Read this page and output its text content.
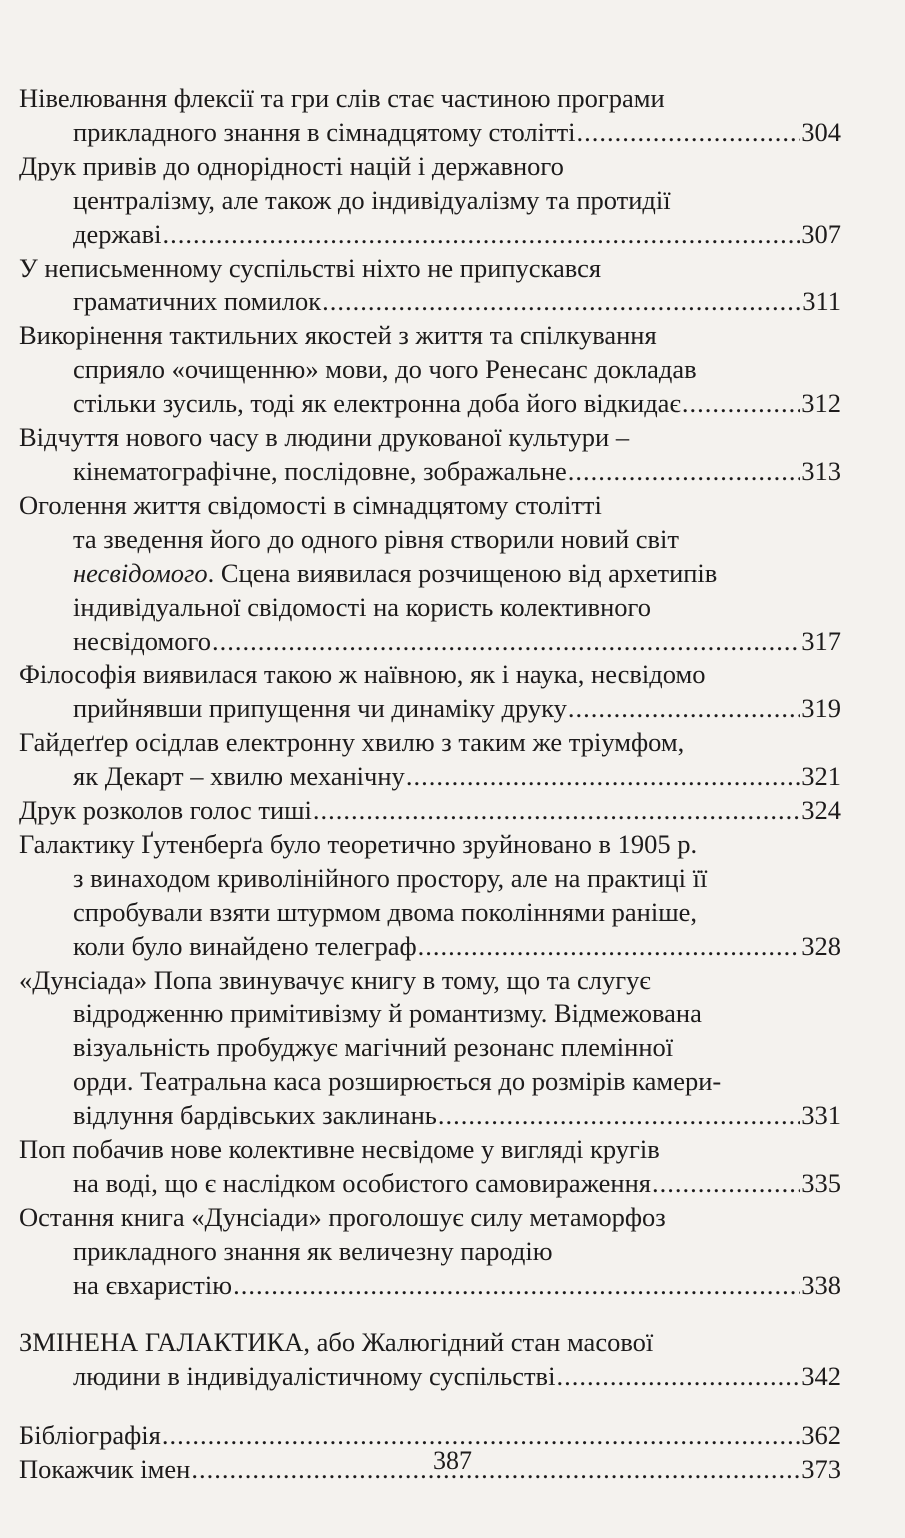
Нівелювання флексії та гри слів стає частиною програми
прикладного знання в сімнадцятому столітті .....	304
Друк привів до однорідності націй і державного
централізму, але також до індивідуалізму та протидії
державі .....	307
У неписьменному суспільстві ніхто не припускався
граматичних помилок .....	311
Викорінення тактильних якостей з життя та спілкування
сприяло «очищенню» мови, до чого Ренесанс докладав
стільки зусиль, тоді як електронна доба його відкидає .....	312
Відчуття нового часу в людини друкованої культури –
кінематографічне, послідовне, зображальне .....	313
Оголення життя свідомості в сімнадцятому столітті
та зведення його до одного рівня створили новий світ
несвідомого. Сцена виявилася розчищеною від архетипів
індивідуальної свідомості на користь колективного
несвідомого .....	317
Філософія виявилася такою ж наївною, як і наука, несвідомо
прийнявши припущення чи динаміку друку .....	319
Гайдеґґер осідлав електронну хвилю з таким же тріумфом,
як Декарт – хвилю механічну .....	321
Друк розколов голос тиші .....	324
Галактику Ґутенберґа було теоретично зруйновано в 1905 р.
з винаходом криволінійного простору, але на практиці її
спробували взяти штурмом двома поколіннями раніше,
коли було винайдено телеграф .....	328
«Дунсіада» Попа звинувачує книгу в тому, що та слугує
відродженню примітивізму й романтизму. Відмежована
візуальність пробуджує магічний резонанс племінної
орди. Театральна каса розширюється до розмірів камери-
відлуння бардівських заклинань .....	331
Поп побачив нове колективне несвідоме у вигляді кругів
на воді, що є наслідком особистого самовираження .....	335
Остання книга «Дунсіади» проголошує силу метаморфоз
прикладного знання як величезну пародію
на євхаристію .....	338
ЗМІНЕНА ГАЛАКТИКА, або Жалюгідний стан масової
людини в індивідуалістичному суспільстві .....	342
Бібліографія .....	362
Покажчик імен .....	373
387
